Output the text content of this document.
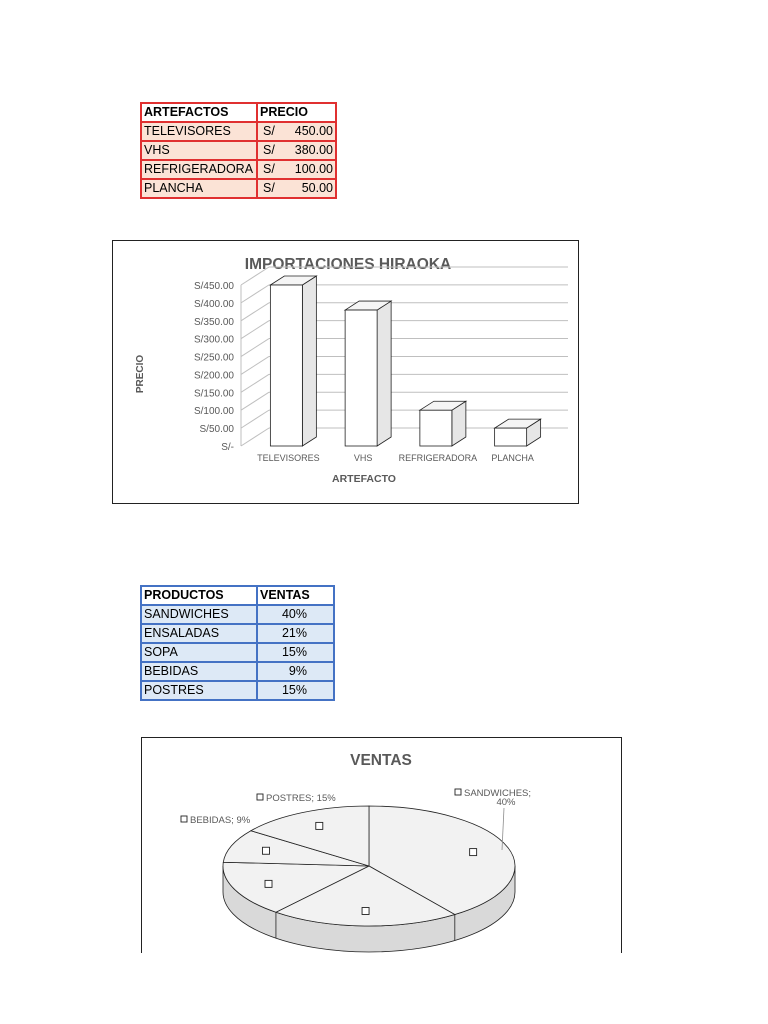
ARTEFACTOS	PRECIO
TELEVISORES	S/ 450.00
VHS	S/ 380.00
REFRIGERADORA	S/ 100.00
PLANCHA	S/ 50.00
IMPORTACIONES HIRAOKA
PRECIO
ARTEFACTO
S/-
S/50.00
S/100.00
S/150.00
S/200.00
S/250.00
S/300.00
S/350.00
S/400.00
S/450.00
TELEVISORES	VHS	REFRIGERADORA PLANCHA
PRODUCTOS	VENTAS
SANDWICHES	40%
ENSALADAS	21%
SOPA	15%
BEBIDAS	9%
POSTRES	15%
VENTAS
SANDWICHES;
40%
BEBIDAS; 9%
POSTRES; 15%
